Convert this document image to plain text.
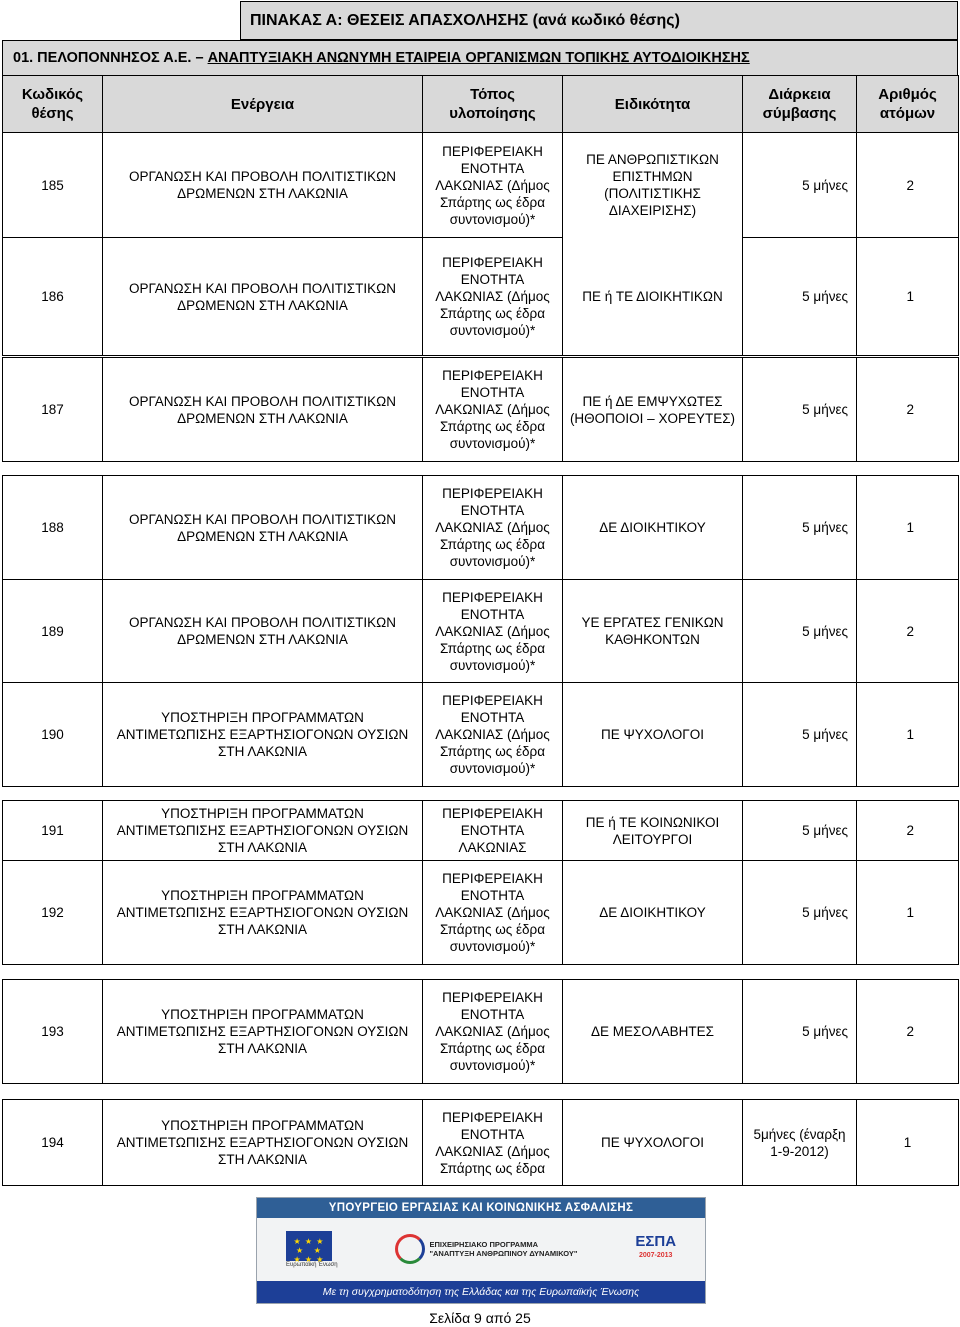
ΠΙΝΑΚΑΣ Α: ΘΕΣΕΙΣ ΑΠΑΣΧΟΛΗΣΗΣ (ανά κωδικό θέσης)
01. ΠΕΛΟΠΟΝΝΗΣΟΣ Α.Ε. – ΑΝΑΠΤΥΞΙΑΚΗ ΑΝΩΝΥΜΗ ΕΤΑΙΡΕΙΑ ΟΡΓΑΝΙΣΜΩΝ ΤΟΠΙΚΗΣ ΑΥΤΟΔΙΟΙΚΗΣΗΣ
Κωδικός θέσης	Ενέργεια	Τόπος υλοποίησης	Ειδικότητα	Διάρκεια σύμβασης	Αριθμός ατόμων
185	ΟΡΓΑΝΩΣΗ ΚΑΙ ΠΡΟΒΟΛΗ ΠΟΛΙΤΙΣΤΙΚΩΝ ΔΡΩΜΕΝΩΝ ΣΤΗ ΛΑΚΩΝΙΑ	ΠΕΡΙΦΕΡΕΙΑΚΗ ΕΝΟΤΗΤΑ ΛΑΚΩΝΙΑΣ (Δήμος Σπάρτης ως έδρα συντονισμού)*	ΠΕ ΑΝΘΡΩΠΙΣΤΙΚΩΝ ΕΠΙΣΤΗΜΩΝ (ΠΟΛΙΤΙΣΤΙΚΗΣ ΔΙΑΧΕΙΡΙΣΗΣ)	5 μήνες	2
186	ΟΡΓΑΝΩΣΗ ΚΑΙ ΠΡΟΒΟΛΗ ΠΟΛΙΤΙΣΤΙΚΩΝ ΔΡΩΜΕΝΩΝ ΣΤΗ ΛΑΚΩΝΙΑ	ΠΕΡΙΦΕΡΕΙΑΚΗ ΕΝΟΤΗΤΑ ΛΑΚΩΝΙΑΣ (Δήμος Σπάρτης ως έδρα συντονισμού)*	ΠΕ ή ΤΕ ΔΙΟΙΚΗΤΙΚΩΝ	5 μήνες	1
187	ΟΡΓΑΝΩΣΗ ΚΑΙ ΠΡΟΒΟΛΗ ΠΟΛΙΤΙΣΤΙΚΩΝ ΔΡΩΜΕΝΩΝ ΣΤΗ ΛΑΚΩΝΙΑ	ΠΕΡΙΦΕΡΕΙΑΚΗ ΕΝΟΤΗΤΑ ΛΑΚΩΝΙΑΣ (Δήμος Σπάρτης ως έδρα συντονισμού)*	ΠΕ ή ΔΕ ΕΜΨΥΧΩΤΕΣ (ΗΘΟΠΟΙΟΙ – ΧΟΡΕΥΤΕΣ)	5 μήνες	2
188	ΟΡΓΑΝΩΣΗ ΚΑΙ ΠΡΟΒΟΛΗ ΠΟΛΙΤΙΣΤΙΚΩΝ ΔΡΩΜΕΝΩΝ ΣΤΗ ΛΑΚΩΝΙΑ	ΠΕΡΙΦΕΡΕΙΑΚΗ ΕΝΟΤΗΤΑ ΛΑΚΩΝΙΑΣ (Δήμος Σπάρτης ως έδρα συντονισμού)*	ΔΕ ΔΙΟΙΚΗΤΙΚΟΥ	5 μήνες	1
189	ΟΡΓΑΝΩΣΗ ΚΑΙ ΠΡΟΒΟΛΗ ΠΟΛΙΤΙΣΤΙΚΩΝ ΔΡΩΜΕΝΩΝ ΣΤΗ ΛΑΚΩΝΙΑ	ΠΕΡΙΦΕΡΕΙΑΚΗ ΕΝΟΤΗΤΑ ΛΑΚΩΝΙΑΣ (Δήμος Σπάρτης ως έδρα συντονισμού)*	ΥΕ ΕΡΓΑΤΕΣ ΓΕΝΙΚΩΝ ΚΑΘΗΚΟΝΤΩΝ	5 μήνες	2
190	ΥΠΟΣΤΗΡΙΞΗ ΠΡΟΓΡΑΜΜΑΤΩΝ ΑΝΤΙΜΕΤΩΠΙΣΗΣ ΕΞΑΡΤΗΣΙΟΓΟΝΩΝ ΟΥΣΙΩΝ ΣΤΗ ΛΑΚΩΝΙΑ	ΠΕΡΙΦΕΡΕΙΑΚΗ ΕΝΟΤΗΤΑ ΛΑΚΩΝΙΑΣ (Δήμος Σπάρτης ως έδρα συντονισμού)*	ΠΕ ΨΥΧΟΛΟΓΟΙ	5 μήνες	1
191	ΥΠΟΣΤΗΡΙΞΗ ΠΡΟΓΡΑΜΜΑΤΩΝ ΑΝΤΙΜΕΤΩΠΙΣΗΣ ΕΞΑΡΤΗΣΙΟΓΟΝΩΝ ΟΥΣΙΩΝ ΣΤΗ ΛΑΚΩΝΙΑ	ΠΕΡΙΦΕΡΕΙΑΚΗ ΕΝΟΤΗΤΑ ΛΑΚΩΝΙΑΣ	ΠΕ ή ΤΕ ΚΟΙΝΩΝΙΚΟΙ ΛΕΙΤΟΥΡΓΟΙ	5 μήνες	2
192	ΥΠΟΣΤΗΡΙΞΗ ΠΡΟΓΡΑΜΜΑΤΩΝ ΑΝΤΙΜΕΤΩΠΙΣΗΣ ΕΞΑΡΤΗΣΙΟΓΟΝΩΝ ΟΥΣΙΩΝ ΣΤΗ ΛΑΚΩΝΙΑ	ΠΕΡΙΦΕΡΕΙΑΚΗ ΕΝΟΤΗΤΑ ΛΑΚΩΝΙΑΣ (Δήμος Σπάρτης ως έδρα συντονισμού)*	ΔΕ ΔΙΟΙΚΗΤΙΚΟΥ	5 μήνες	1
193	ΥΠΟΣΤΗΡΙΞΗ ΠΡΟΓΡΑΜΜΑΤΩΝ ΑΝΤΙΜΕΤΩΠΙΣΗΣ ΕΞΑΡΤΗΣΙΟΓΟΝΩΝ ΟΥΣΙΩΝ ΣΤΗ ΛΑΚΩΝΙΑ	ΠΕΡΙΦΕΡΕΙΑΚΗ ΕΝΟΤΗΤΑ ΛΑΚΩΝΙΑΣ (Δήμος Σπάρτης ως έδρα συντονισμού)*	ΔΕ ΜΕΣΟΛΑΒΗΤΕΣ	5 μήνες	2
194	ΥΠΟΣΤΗΡΙΞΗ ΠΡΟΓΡΑΜΜΑΤΩΝ ΑΝΤΙΜΕΤΩΠΙΣΗΣ ΕΞΑΡΤΗΣΙΟΓΟΝΩΝ ΟΥΣΙΩΝ ΣΤΗ ΛΑΚΩΝΙΑ	ΠΕΡΙΦΕΡΕΙΑΚΗ ΕΝΟΤΗΤΑ ΛΑΚΩΝΙΑΣ (Δήμος Σπάρτης ως έδρα	ΠΕ ΨΥΧΟΛΟΓΟΙ	5μήνες (έναρξη 1-9-2012)	1
ΥΠΟΥΡΓΕΙΟ ΕΡΓΑΣΙΑΣ ΚΑΙ ΚΟΙΝΩΝΙΚΗΣ ΑΣΦΑΛΙΣΗΣ
★ ★ ★
★   ★
★ ★ ★
Ευρωπαϊκή Ένωση
ΕΠΙΧΕΙΡΗΣΙΑΚΟ ΠΡΟΓΡΑΜΜΑ
"ΑΝΑΠΤΥΞΗ ΑΝΘΡΩΠΙΝΟΥ ΔΥΝΑΜΙΚΟΥ"
ΕΣΠΑ
2007-2013
Με τη συγχρηματοδότηση της Ελλάδας και της Ευρωπαϊκής Ένωσης
Σελίδα 9 από 25
